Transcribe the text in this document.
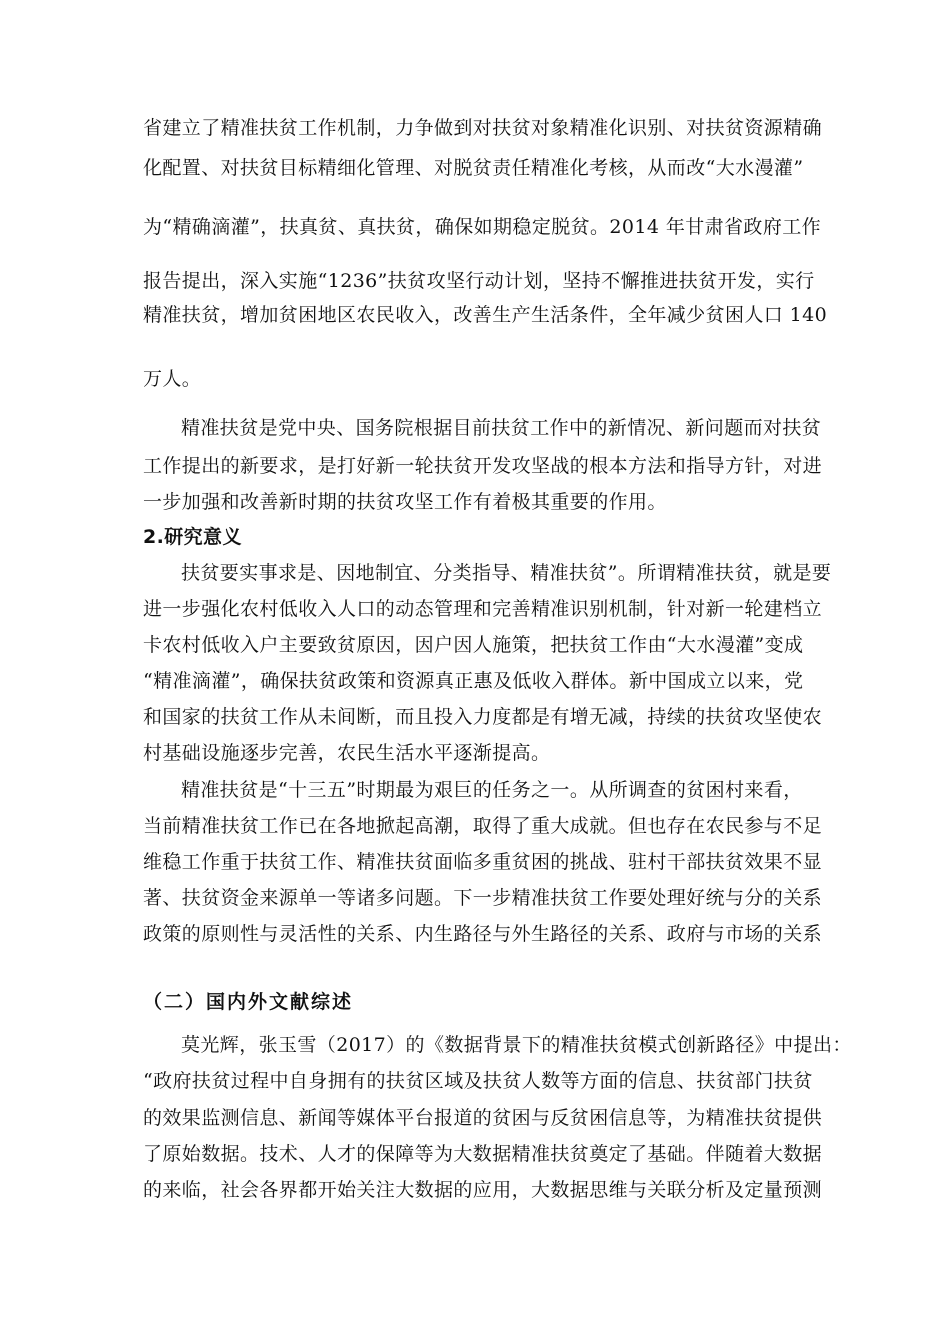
省建立了精准扶贫工作机制，力争做到对扶贫对象精准化识别、对扶贫资源精确

化配置、对扶贫目标精细化管理、对脱贫责任精准化考核，从而改“大水漫灌”

为“精确滴灌”，扶真贫、真扶贫，确保如期稳定脱贫。2014 年甘肃省政府工作

报告提出，深入实施“1236”扶贫攻坚行动计划，坚持不懈推进扶贫开发，实行

精准扶贫，增加贫困地区农民收入，改善生产生活条件，全年减少贫困人口 140

万人。

精准扶贫是党中央、国务院根据目前扶贫工作中的新情况、新问题而对扶贫

工作提出的新要求，是打好新一轮扶贫开发攻坚战的根本方法和指导方针，对进

一步加强和改善新时期的扶贫攻坚工作有着极其重要的作用。

2.研究意义

扶贫要实事求是、因地制宜、分类指导、精准扶贫”。所谓精准扶贫，就是要

进一步强化农村低收入人口的动态管理和完善精准识别机制，针对新一轮建档立

卡农村低收入户主要致贫原因，因户因人施策，把扶贫工作由“大水漫灌”变成

“精准滴灌”，确保扶贫政策和资源真正惠及低收入群体。新中国成立以来，党

和国家的扶贫工作从未间断，而且投入力度都是有增无减，持续的扶贫攻坚使农

村基础设施逐步完善，农民生活水平逐渐提高。

精准扶贫是“十三五”时期最为艰巨的任务之一。从所调查的贫困村来看，

当前精准扶贫工作已在各地掀起高潮，取得了重大成就。但也存在农民参与不足

维稳工作重于扶贫工作、精准扶贫面临多重贫困的挑战、驻村干部扶贫效果不显

著、扶贫资金来源单一等诸多问题。下一步精准扶贫工作要处理好统与分的关系

政策的原则性与灵活性的关系、内生路径与外生路径的关系、政府与市场的关系

（二）国内外文献综述

莫光辉，张玉雪（2017）的《数据背景下的精准扶贫模式创新路径》中提出：

“政府扶贫过程中自身拥有的扶贫区域及扶贫人数等方面的信息、扶贫部门扶贫

的效果监测信息、新闻等媒体平台报道的贫困与反贫困信息等，为精准扶贫提供

了原始数据。技术、人才的保障等为大数据精准扶贫奠定了基础。伴随着大数据

的来临，社会各界都开始关注大数据的应用，大数据思维与关联分析及定量预测
